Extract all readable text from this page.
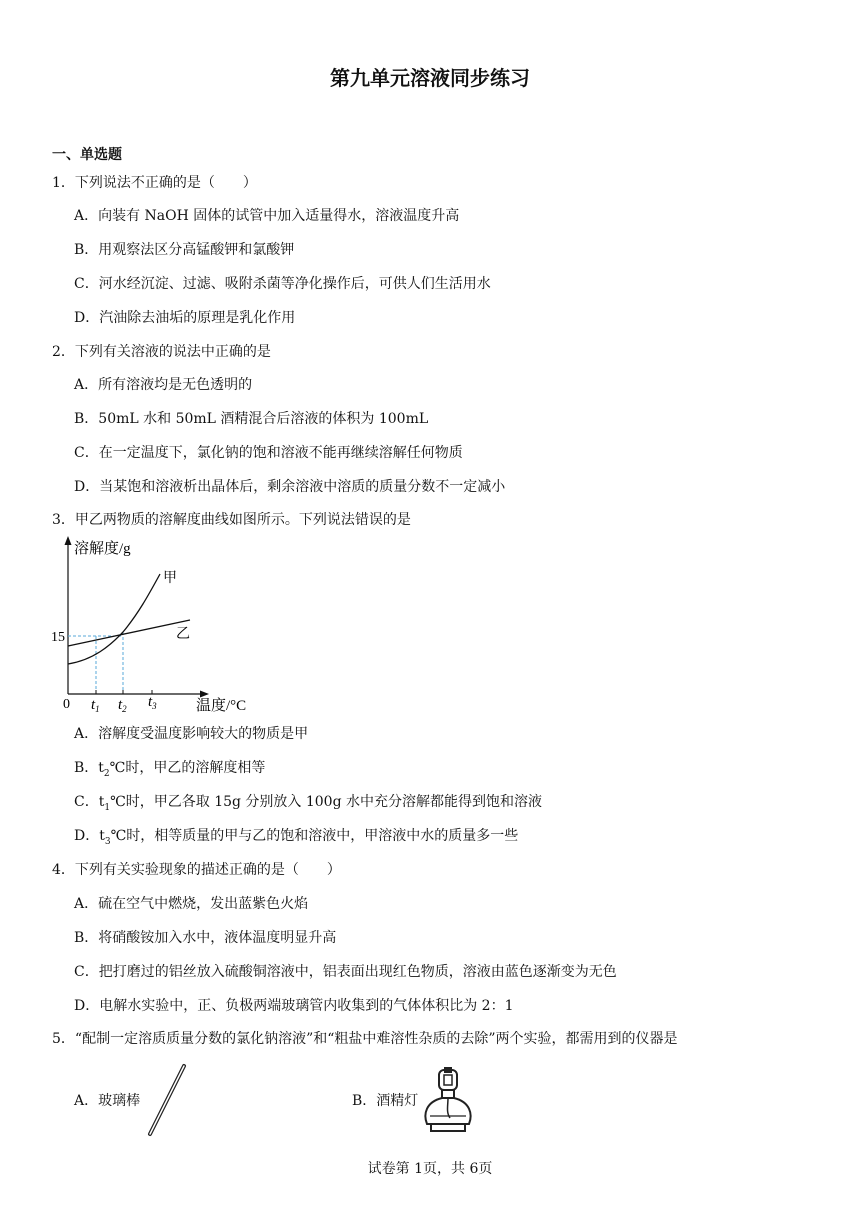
第九单元溶液同步练习
一、单选题
1．下列说法不正确的是（　　）
A．向装有 NaOH 固体的试管中加入适量得水，溶液温度升高
B．用观察法区分高锰酸钾和氯酸钾
C．河水经沉淀、过滤、吸附杀菌等净化操作后，可供人们生活用水
D．汽油除去油垢的原理是乳化作用
2．下列有关溶液的说法中正确的是
A．所有溶液均是无色透明的
B．50mL 水和 50mL 酒精混合后溶液的体积为 100mL
C．在一定温度下，氯化钠的饱和溶液不能再继续溶解任何物质
D．当某饱和溶液析出晶体后，剩余溶液中溶质的质量分数不一定减小
3．甲乙两物质的溶解度曲线如图所示。下列说法错误的是
溶解度/g
温度/°C
0
15
甲
乙
$t_1$ $t_2$ $t_3$
A．溶解度受温度影响较大的物质是甲
B．$t_2℃$时，甲乙的溶解度相等
C．$t_1℃$时，甲乙各取 15g 分别放入 100g 水中充分溶解都能得到饱和溶液
D．$t_3℃$时，相等质量的甲与乙的饱和溶液中，甲溶液中水的质量多一些
4．下列有关实验现象的描述正确的是（　　）
A．硫在空气中燃烧，发出蓝紫色火焰
B．将硝酸铵加入水中，液体温度明显升高
C．把打磨过的铝丝放入硫酸铜溶液中，铝表面出现红色物质，溶液由蓝色逐渐变为无色
D．电解水实验中，正、负极两端玻璃管内收集到的气体体积比为 2：1
5．“配制一定溶质质量分数的氯化钠溶液”和“粗盐中难溶性杂质的去除”两个实验，都需用到的仪器是
A．玻璃棒	B．酒精灯
试卷第 1页，共 6页
